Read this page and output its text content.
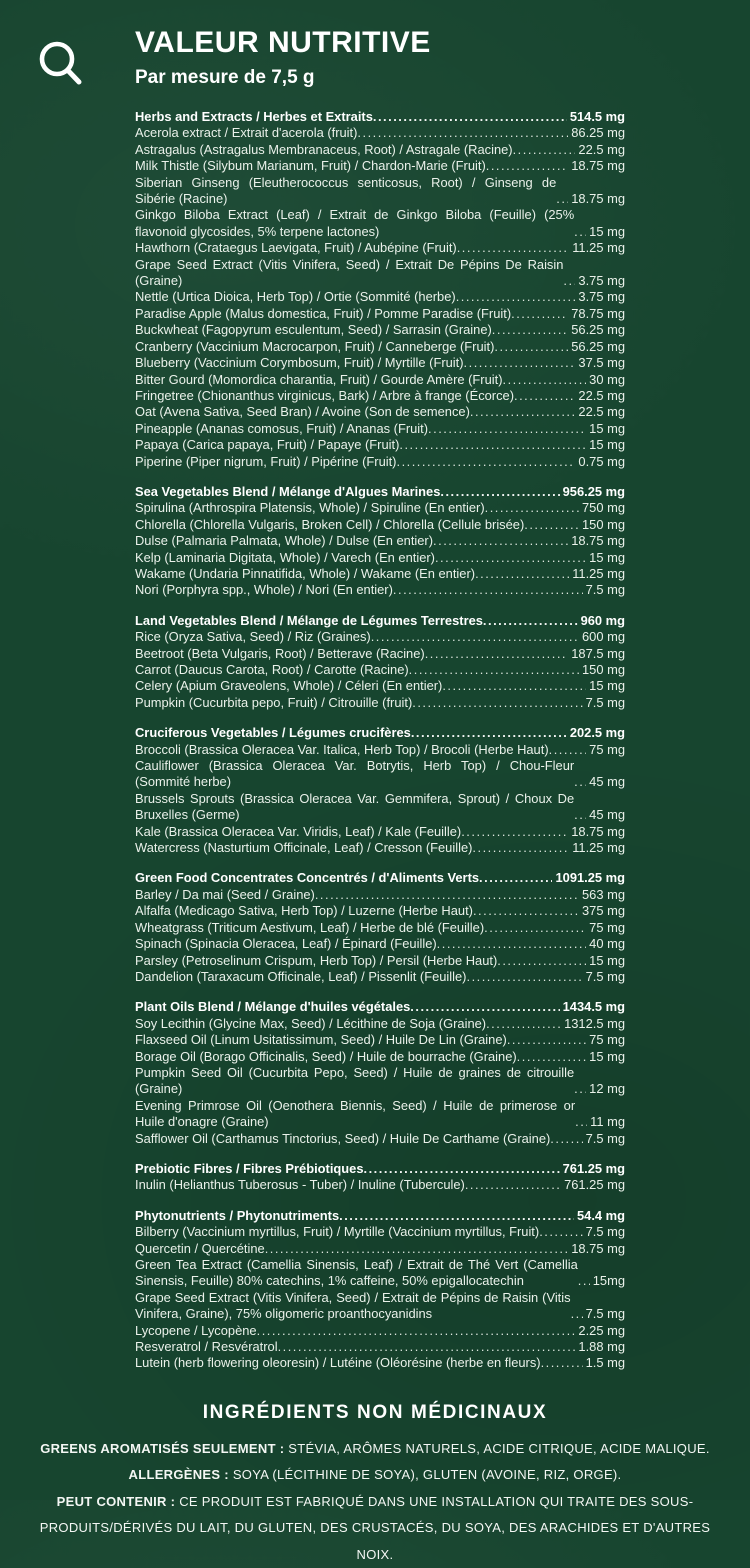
VALEUR NUTRITIVE
Par mesure de 7,5 g
Herbs and Extracts / Herbes et Extraits .....	514.5 mg
Acerola extract / Extrait d'acerola (fruit) .....	86.25 mg
Astragalus (Astragalus Membranaceus, Root) / Astragale (Racine) .....	22.5 mg
Milk Thistle (Silybum Marianum, Fruit) / Chardon-Marie (Fruit) .....	18.75 mg
Siberian Ginseng (Eleutherococcus senticosus, Root) / Ginseng de Sibérie (Racine) .....	18.75 mg
Ginkgo Biloba Extract (Leaf) / Extrait de Ginkgo Biloba (Feuille) (25% flavonoid glycosides, 5% terpene lactones) .....	15 mg
Hawthorn (Crataegus Laevigata, Fruit) / Aubépine (Fruit) .....	11.25 mg
Grape Seed Extract (Vitis Vinifera, Seed) / Extrait De Pépins De Raisin (Graine) .....	3.75 mg
Nettle (Urtica Dioica, Herb Top) / Ortie (Sommité (herbe) .....	3.75 mg
Paradise Apple (Malus domestica, Fruit) / Pomme Paradise (Fruit) .....	78.75 mg
Buckwheat (Fagopyrum esculentum, Seed) / Sarrasin (Graine) .....	56.25 mg
Cranberry (Vaccinium Macrocarpon, Fruit) / Canneberge (Fruit) .....	56.25 mg
Blueberry (Vaccinium Corymbosum, Fruit) / Myrtille (Fruit) .....	37.5 mg
Bitter Gourd (Momordica charantia, Fruit) / Gourde Amère (Fruit) .....	30 mg
Fringetree (Chionanthus virginicus, Bark) / Arbre à frange (Écorce) .....	22.5 mg
Oat (Avena Sativa, Seed Bran) / Avoine (Son de semence) .....	22.5 mg
Pineapple (Ananas comosus, Fruit) / Ananas (Fruit) .....	15 mg
Papaya (Carica papaya, Fruit) / Papaye (Fruit) .....	15 mg
Piperine (Piper nigrum, Fruit) / Pipérine (Fruit) .....	0.75 mg
Sea Vegetables Blend / Mélange d'Algues Marines .....	956.25 mg
Spirulina (Arthrospira Platensis, Whole) / Spiruline (En entier) .....	750 mg
Chlorella (Chlorella Vulgaris, Broken Cell) / Chlorella (Cellule brisée) .....	150 mg
Dulse (Palmaria Palmata, Whole) / Dulse (En entier) .....	18.75 mg
Kelp (Laminaria Digitata, Whole) / Varech (En entier) .....	15 mg
Wakame (Undaria Pinnatifida, Whole) / Wakame (En entier) .....	11.25 mg
Nori (Porphyra spp., Whole) / Nori (En entier) .....	7.5 mg
Land Vegetables Blend / Mélange de Légumes Terrestres .....	960 mg
Rice (Oryza Sativa, Seed) / Riz (Graines) .....	600 mg
Beetroot (Beta Vulgaris, Root) / Betterave (Racine) .....	187.5 mg
Carrot (Daucus Carota, Root) / Carotte (Racine) .....	150 mg
Celery (Apium Graveolens, Whole) / Céleri (En entier) .....	15 mg
Pumpkin (Cucurbita pepo, Fruit) / Citrouille (fruit) .....	7.5 mg
Cruciferous Vegetables / Légumes crucifères .....	202.5 mg
Broccoli (Brassica Oleracea Var. Italica, Herb Top) / Brocoli (Herbe Haut) .....	75 mg
Cauliflower (Brassica Oleracea Var. Botrytis, Herb Top) / Chou-Fleur (Sommité herbe) .....	45 mg
Brussels Sprouts (Brassica Oleracea Var. Gemmifera, Sprout) / Choux De Bruxelles (Germe) .....	45 mg
Kale (Brassica Oleracea Var. Viridis, Leaf) / Kale (Feuille) .....	18.75 mg
Watercress (Nasturtium Officinale, Leaf) / Cresson (Feuille) .....	11.25 mg
Green Food Concentrates Concentrés / d'Aliments Verts .....	1091.25 mg
Barley / Da mai (Seed / Graine) .....	563 mg
Alfalfa (Medicago Sativa, Herb Top) / Luzerne (Herbe Haut) .....	375 mg
Wheatgrass (Triticum Aestivum, Leaf) / Herbe de blé (Feuille) .....	75 mg
Spinach (Spinacia Oleracea, Leaf) / Épinard (Feuille) .....	40 mg
Parsley (Petroselinum Crispum, Herb Top) / Persil (Herbe Haut) .....	15 mg
Dandelion (Taraxacum Officinale, Leaf) / Pissenlit (Feuille) .....	7.5 mg
Plant Oils Blend / Mélange d'huiles végétales .....	1434.5 mg
Soy Lecithin (Glycine Max, Seed) / Lécithine de Soja (Graine) .....	1312.5 mg
Flaxseed Oil (Linum Usitatissimum, Seed) / Huile De Lin (Graine) .....	75 mg
Borage Oil (Borago Officinalis, Seed) / Huile de bourrache (Graine) .....	15 mg
Pumpkin Seed Oil (Cucurbita Pepo, Seed) / Huile de graines de citrouille (Graine) .....	12 mg
Evening Primrose Oil (Oenothera Biennis, Seed) / Huile de primerose or Huile d'onagre (Graine) .....	11 mg
Safflower Oil (Carthamus Tinctorius, Seed) / Huile De Carthame (Graine) .....	7.5 mg
Prebiotic Fibres / Fibres Prébiotiques .....	761.25 mg
Inulin (Helianthus Tuberosus - Tuber) / Inuline (Tubercule) .....	761.25 mg
Phytonutrients / Phytonutriments .....	54.4 mg
Bilberry (Vaccinium myrtillus, Fruit) / Myrtille (Vaccinium myrtillus, Fruit) .....	7.5 mg
Quercetin / Quercétine .....	18.75 mg
Green Tea Extract (Camellia Sinensis, Leaf) / Extrait de Thé Vert (Camellia Sinensis, Feuille) 80% catechins, 1% caffeine, 50% epigallocatechin .....	15mg
Grape Seed Extract (Vitis Vinifera, Seed) / Extrait de Pépins de Raisin (Vitis Vinifera, Graine), 75% oligomeric proanthocyanidins .....	7.5 mg
Lycopene / Lycopène .....	2.25 mg
Resveratrol / Resvératrol .....	1.88 mg
Lutein (herb flowering oleoresin) / Lutéine (Oléorésine (herbe en fleurs) .....	1.5 mg
INGRÉDIENTS NON MÉDICINAUX

GREENS AROMATISÉS SEULEMENT : STÉVIA, ARÔMES NATURELS, ACIDE CITRIQUE, ACIDE MALIQUE.

ALLERGÈNES : SOYA (LÉCITHINE DE SOYA), GLUTEN (AVOINE, RIZ, ORGE).

PEUT CONTENIR : CE PRODUIT EST FABRIQUÉ DANS UNE INSTALLATION QUI TRAITE DES SOUS-PRODUITS/DÉRIVÉS DU LAIT, DU GLUTEN, DES CRUSTACÉS, DU SOYA, DES ARACHIDES ET D'AUTRES NOIX.
